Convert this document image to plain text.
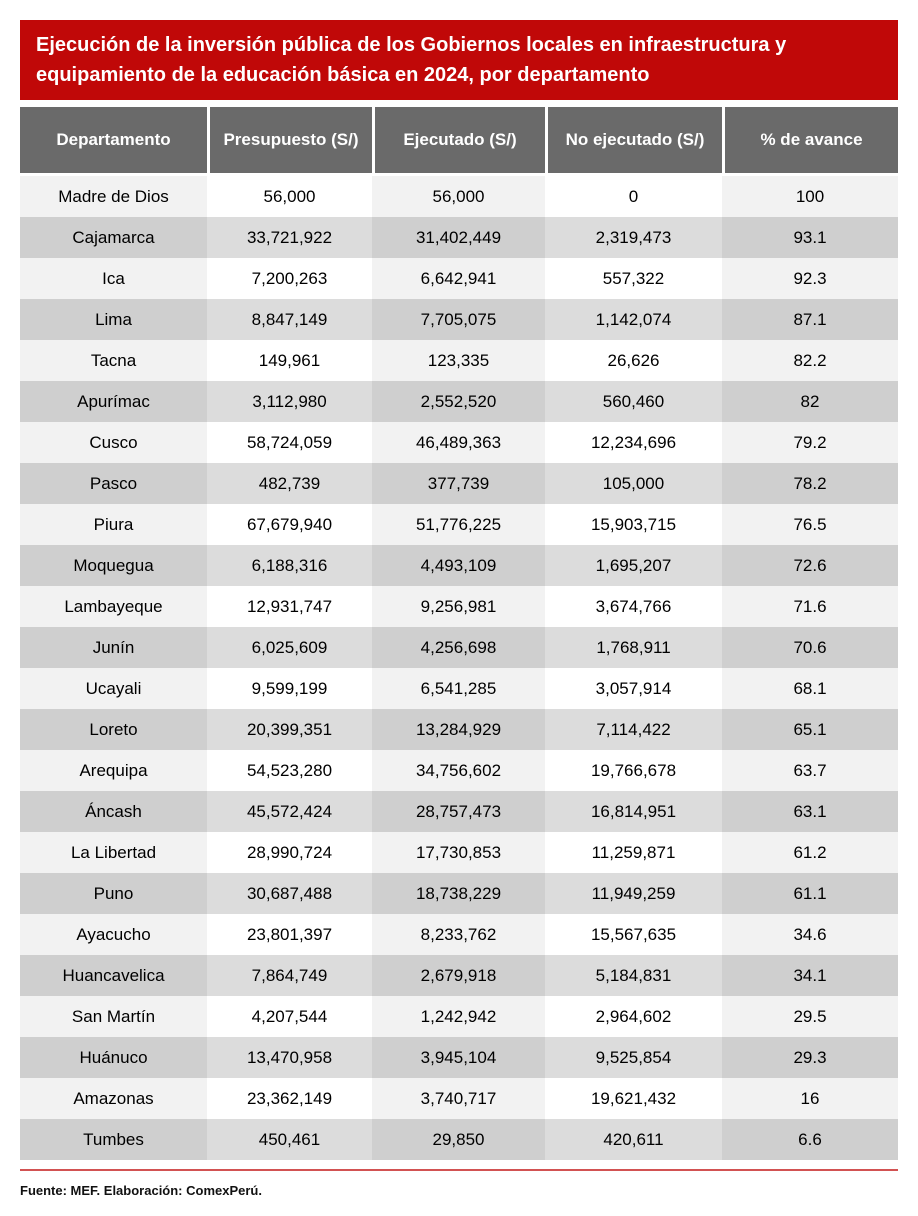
Ejecución de la inversión pública de los Gobiernos locales en infraestructura y equipamiento de la educación básica en 2024, por departamento
Departamento	Presupuesto (S/)	Ejecutado (S/)	No ejecutado (S/)	% de avance
Madre de Dios	56,000	56,000	0	100
Cajamarca	33,721,922	31,402,449	2,319,473	93.1
Ica	7,200,263	6,642,941	557,322	92.3
Lima	8,847,149	7,705,075	1,142,074	87.1
Tacna	149,961	123,335	26,626	82.2
Apurímac	3,112,980	2,552,520	560,460	82
Cusco	58,724,059	46,489,363	12,234,696	79.2
Pasco	482,739	377,739	105,000	78.2
Piura	67,679,940	51,776,225	15,903,715	76.5
Moquegua	6,188,316	4,493,109	1,695,207	72.6
Lambayeque	12,931,747	9,256,981	3,674,766	71.6
Junín	6,025,609	4,256,698	1,768,911	70.6
Ucayali	9,599,199	6,541,285	3,057,914	68.1
Loreto	20,399,351	13,284,929	7,114,422	65.1
Arequipa	54,523,280	34,756,602	19,766,678	63.7
Áncash	45,572,424	28,757,473	16,814,951	63.1
La Libertad	28,990,724	17,730,853	11,259,871	61.2
Puno	30,687,488	18,738,229	11,949,259	61.1
Ayacucho	23,801,397	8,233,762	15,567,635	34.6
Huancavelica	7,864,749	2,679,918	5,184,831	34.1
San Martín	4,207,544	1,242,942	2,964,602	29.5
Huánuco	13,470,958	3,945,104	9,525,854	29.3
Amazonas	23,362,149	3,740,717	19,621,432	16
Tumbes	450,461	29,850	420,611	6.6
Fuente: MEF. Elaboración: ComexPerú.
